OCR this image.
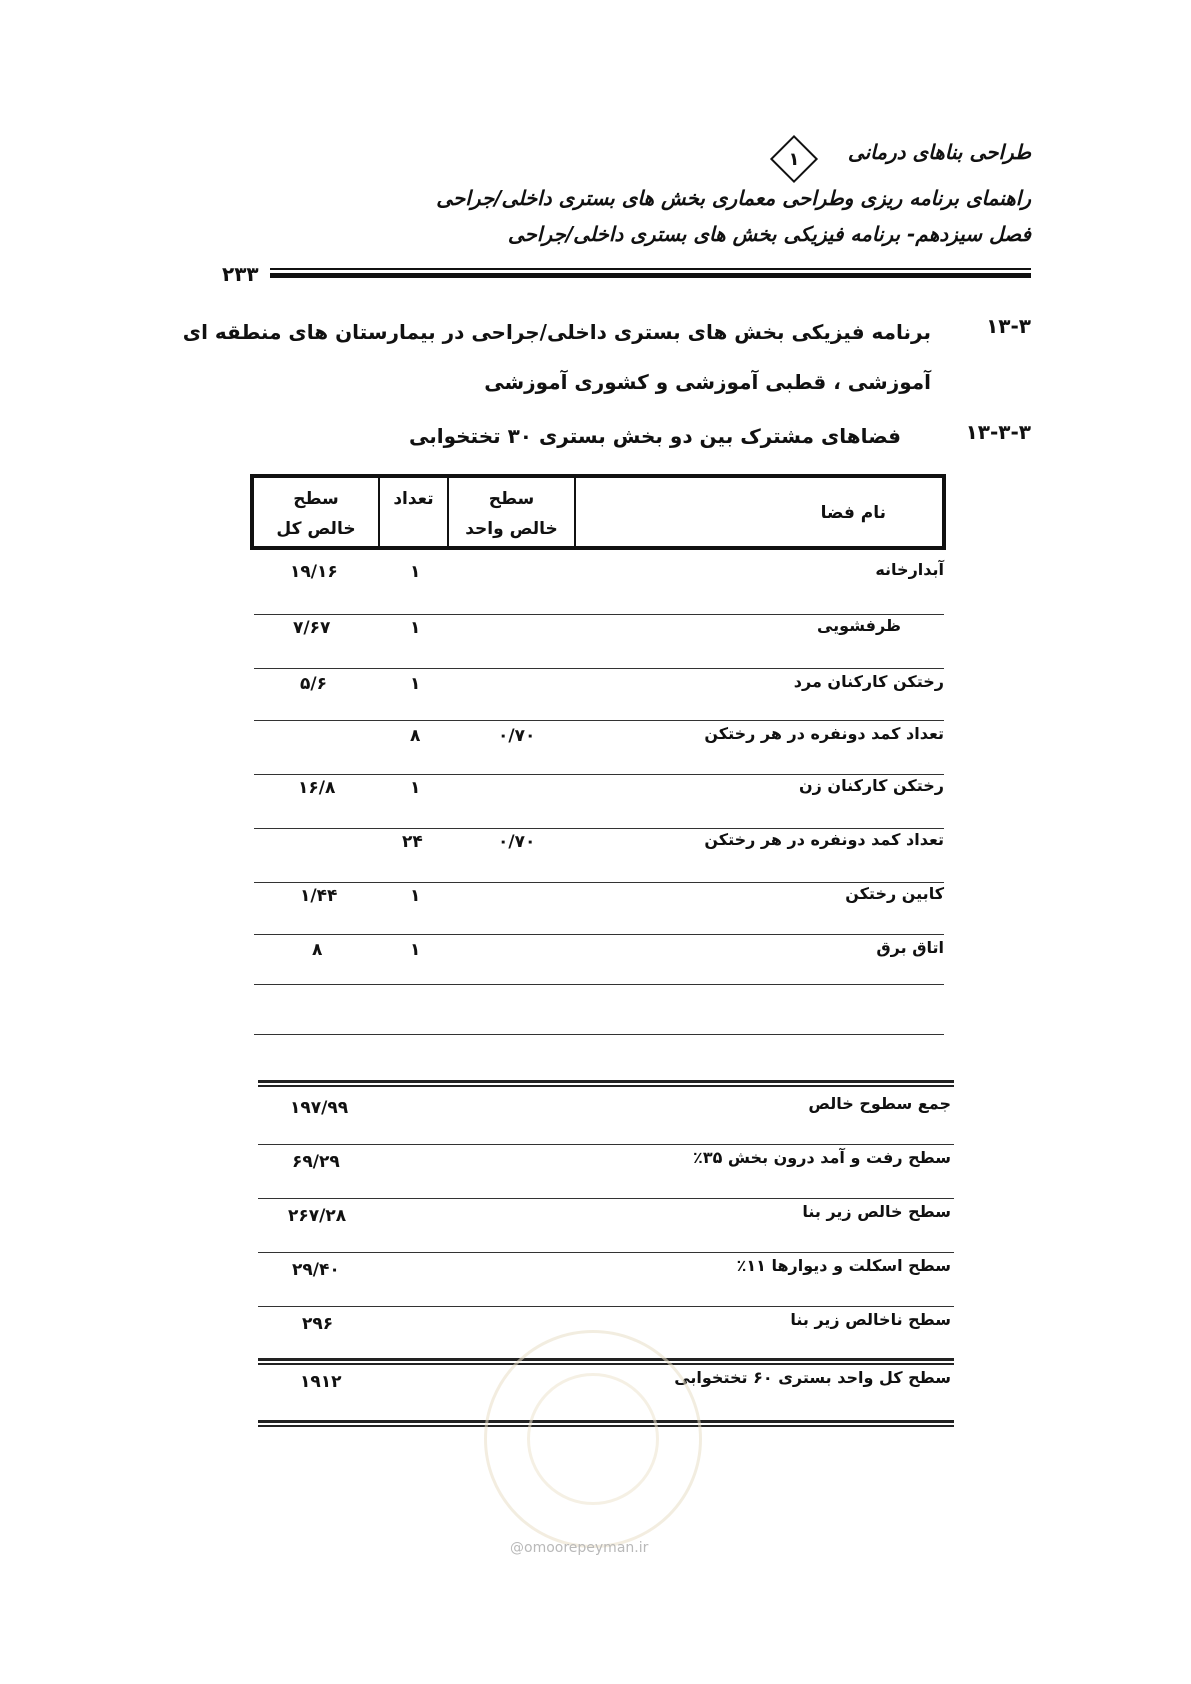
طراحی بناهای درمانی
۱
راهنمای برنامه ریزی وطراحی معماری بخش های بستری داخلی/جراحی
فصل سیزدهم- برنامه فیزیکی بخش های بستری داخلی/جراحی
۲۳۳
۱۳-۳
برنامه فیزیکی بخش های بستری داخلی/جراحی در بیمارستان های منطقه ای
آموزشی ، قطبی آموزشی و کشوری آموزشی
۱۳-۳-۳
فضاهای مشترک بین دو بخش بستری ۳۰ تختخوابی
سطح
خالص کل
تعداد	سطح
خالص واحد
نام فضا
آبدارخانه
۱
۱۹/۱۶
ظرفشویی
۱
۷/۶۷
رختکن کارکنان مرد
۱
۵/۶
تعداد کمد دونفره در هر رختکن
۰/۷۰
۸
رختکن کارکنان زن
۱
۱۶/۸
تعداد کمد دونفره در هر رختکن
۰/۷۰
۲۴
کابین رختکن
۱
۱/۴۴
اتاق برق
۱
۸
جمع سطوح خالص
۱۹۷/۹۹
سطح رفت و آمد درون بخش ۳۵٪
۶۹/۲۹
سطح خالص زیر بنا
۲۶۷/۲۸
سطح اسکلت و دیوارها ۱۱٪
۲۹/۴۰
سطح ناخالص زیر بنا
۲۹۶
سطح کل واحد بستری ۶۰ تختخوابی
۱۹۱۲
@omoorepeyman.ir
